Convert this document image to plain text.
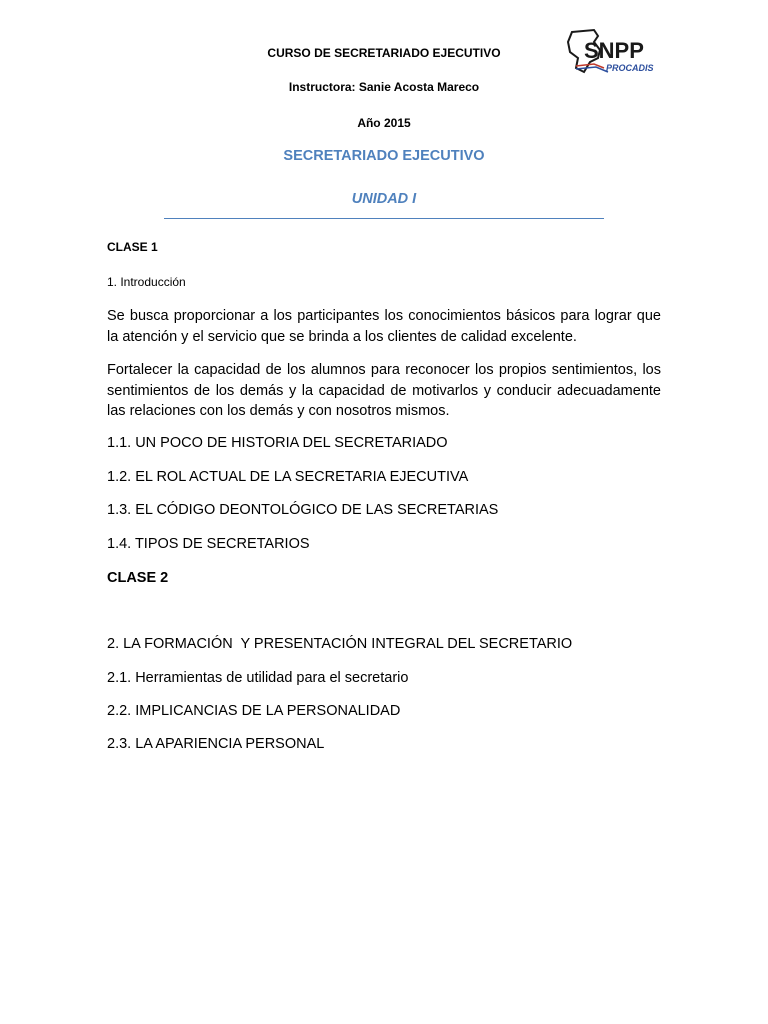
CURSO DE SECRETARIADO EJECUTIVO
Instructora: Sanie Acosta Mareco
Año 2015
SNPP
PROCADIS
SECRETARIADO EJECUTIVO
UNIDAD I
CLASE 1
1. Introducción
Se busca proporcionar a los participantes los conocimientos básicos para lograr que la atención y el servicio que se brinda a los clientes de calidad excelente.
Fortalecer la capacidad de los alumnos para reconocer los propios sentimientos, los sentimientos de los demás y la capacidad de motivarlos y conducir adecuadamente las relaciones con los demás y con nosotros mismos.
1.1. UN POCO DE HISTORIA DEL SECRETARIADO
1.2. EL ROL ACTUAL DE LA SECRETARIA EJECUTIVA
1.3. EL CÓDIGO DEONTOLÓGICO DE LAS SECRETARIAS
1.4. TIPOS DE SECRETARIOS
CLASE 2
2. LA FORMACIÓN  Y PRESENTACIÓN INTEGRAL DEL SECRETARIO
2.1. Herramientas de utilidad para el secretario
2.2. IMPLICANCIAS DE LA PERSONALIDAD
2.3. LA APARIENCIA PERSONAL
